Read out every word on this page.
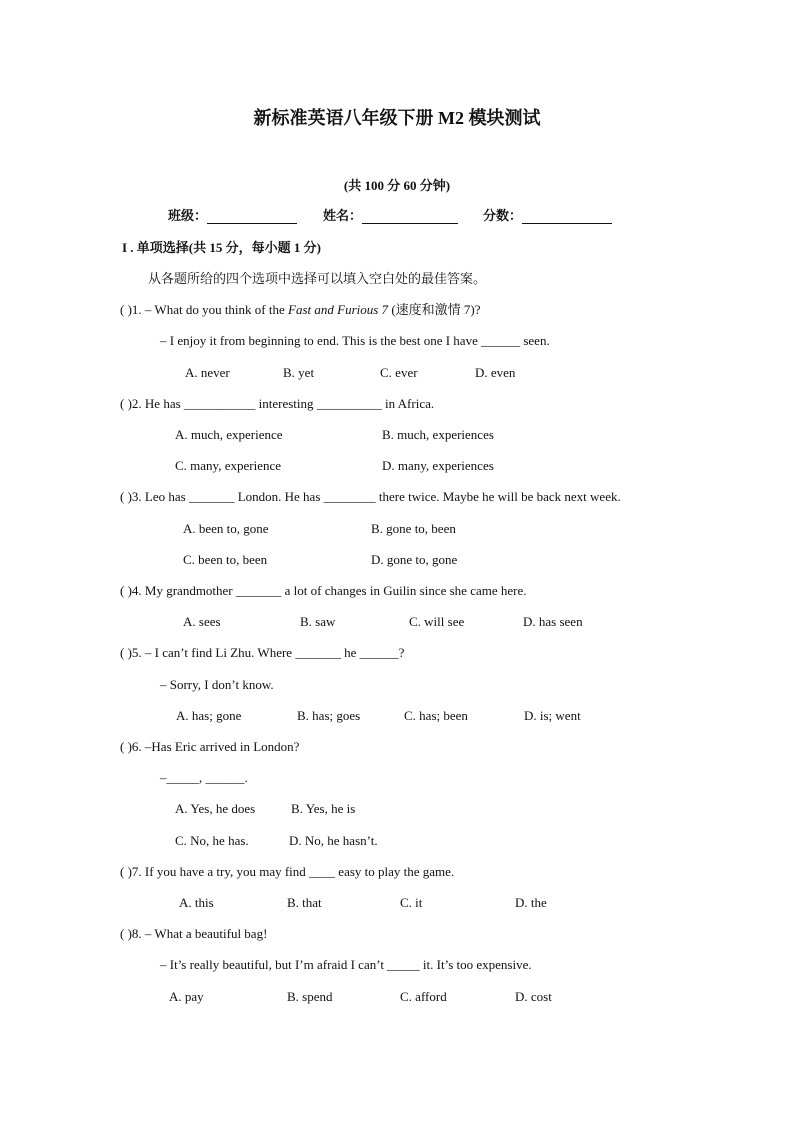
新标准英语八年级下册 M2 模块测试
(共 100 分 60 分钟)
班级：	姓名：	分数：
I . 单项选择(共 15 分，每小题 1 分)
从各题所给的四个选项中选择可以填入空白处的最佳答案。
( )1. – What do you think of the Fast and Furious 7 (速度和激情 7)?
– I enjoy it from beginning to end. This is the best one I have ______ seen.
A. never	B. yet	C. ever	D. even
( )2. He has ___________ interesting __________ in Africa.
A. much, experience	B. much, experiences
C. many, experience	D. many, experiences
( )3. Leo has _______ London. He has ________ there twice. Maybe he will be back next week.
A. been to, gone	B. gone to, been
C. been to, been	D. gone to, gone
( )4. My grandmother _______ a lot of changes in Guilin since she came here.
A. sees	B. saw	C. will see	D. has seen
( )5. – I can’t find Li Zhu. Where _______ he ______?
– Sorry, I don’t know.
A. has; gone	B. has; goes	C. has; been	D. is; went
( )6. –Has Eric arrived in London?
–_____, ______.
A. Yes, he does	B. Yes, he is
C. No, he has.	D. No, he hasn’t.
( )7. If you have a try, you may find ____ easy to play the game.
A. this	B. that	C. it	D. the
( )8. – What a beautiful bag!
– It’s really beautiful, but I’m afraid I can’t _____ it. It’s too expensive.
A. pay	B. spend	C. afford	D. cost
